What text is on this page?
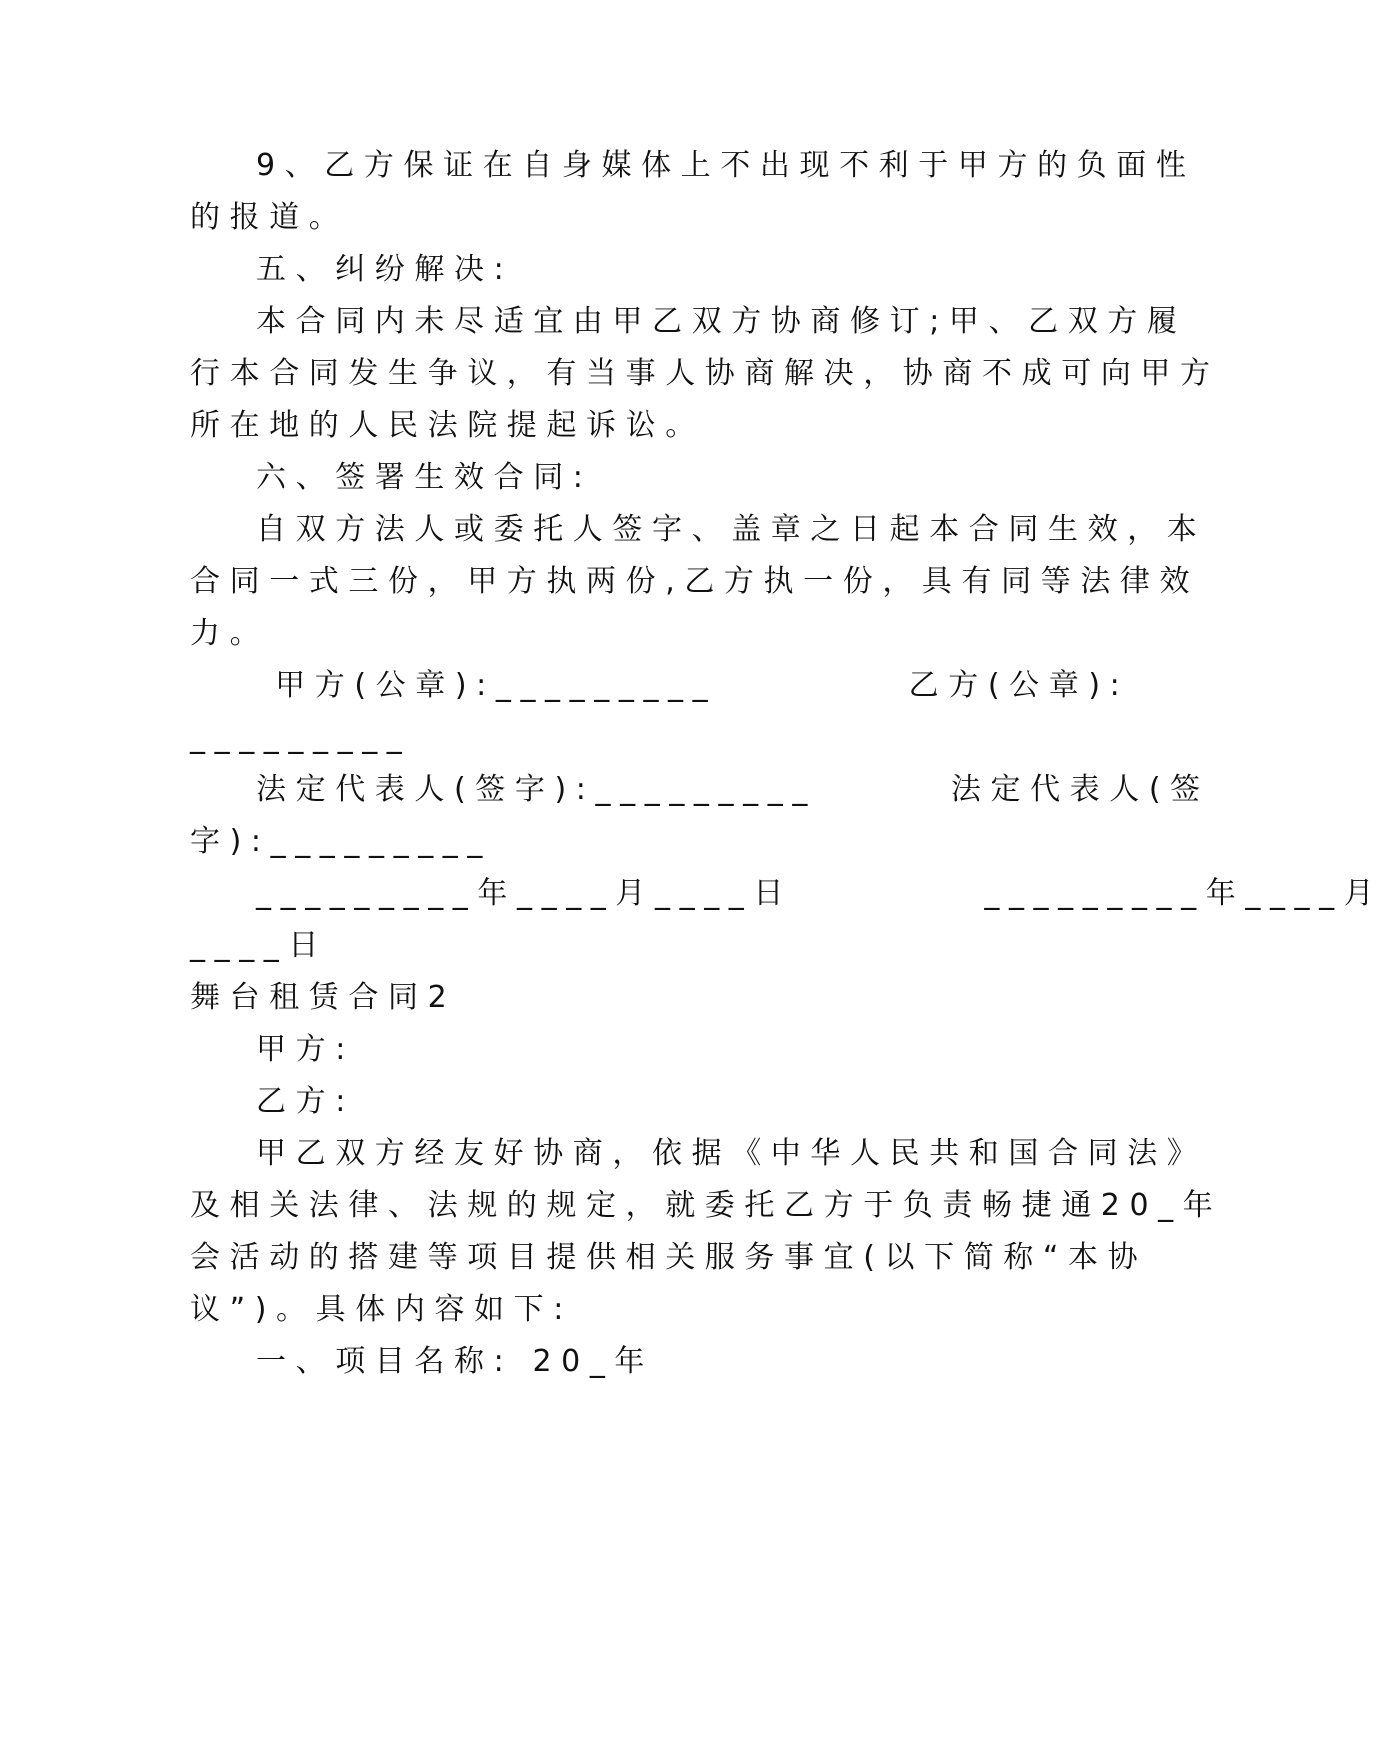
9、乙方保证在自身媒体上不出现不利于甲方的负面性
的报道。
五、纠纷解决:
本合同内未尽适宜由甲乙双方协商修订;甲、乙双方履
行本合同发生争议，有当事人协商解决，协商不成可向甲方
所在地的人民法院提起诉讼。
六、签署生效合同:
自双方法人或委托人签字、盖章之日起本合同生效，本
合同一式三份，甲方执两份,乙方执一份，具有同等法律效
力。
甲方(公章):_________          乙方(公章):
_________
法定代表人(签字):_________       法定代表人(签
字):_________
_________年____月____日          _________年____月
____日
舞台租赁合同2
甲方:
乙方:
甲乙双方经友好协商，依据《中华人民共和国合同法》
及相关法律、法规的规定，就委托乙方于负责畅捷通20_年
会活动的搭建等项目提供相关服务事宜(以下简称“本协
议”)。具体内容如下:
一、项目名称: 20_年
